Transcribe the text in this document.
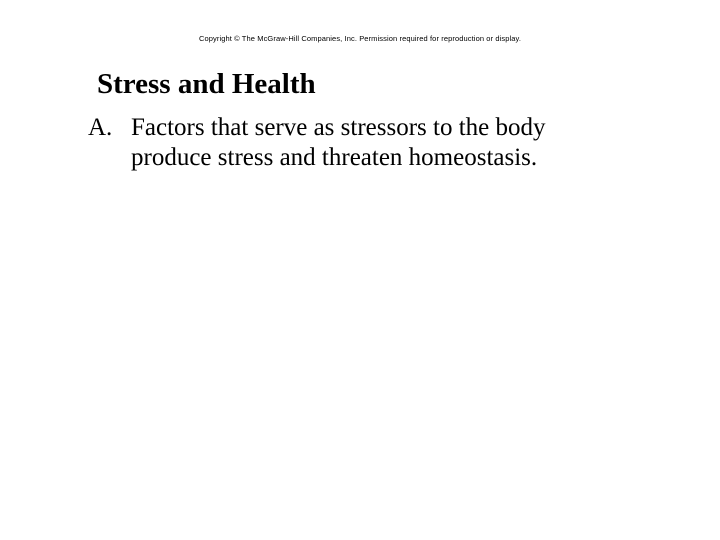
Copyright © The McGraw-Hill Companies, Inc. Permission required for reproduction or display.
Stress and Health
A. Factors that serve as stressors to the body
produce stress and threaten homeostasis.
